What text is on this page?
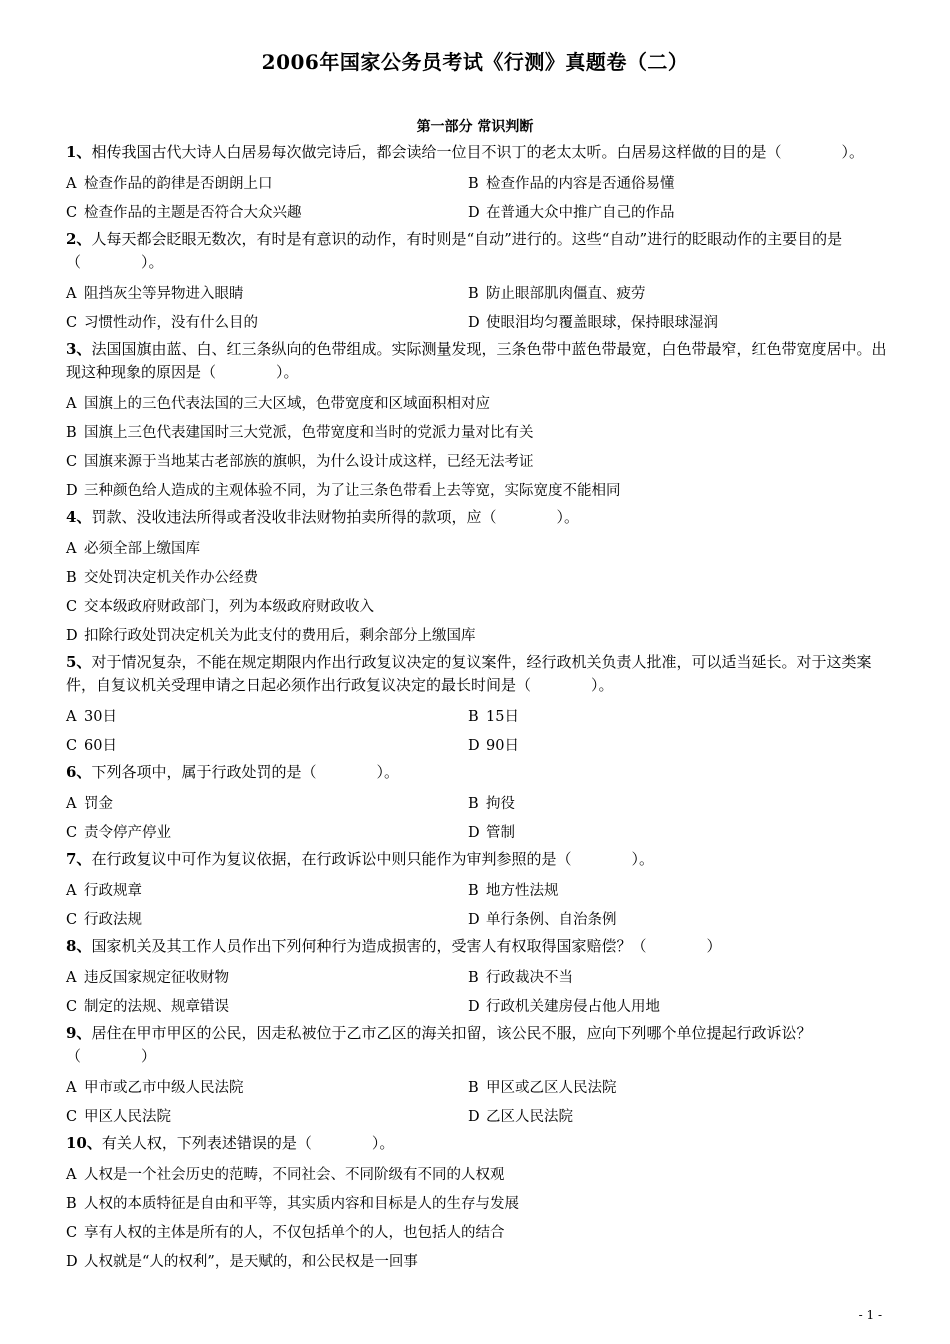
2006年国家公务员考试《行测》真题卷（二）
第一部分 常识判断
1、相传我国古代大诗人白居易每次做完诗后，都会读给一位目不识丁的老太太听。白居易这样做的目的是（　　　　）。
A 检查作品的韵律是否朗朗上口	B 检查作品的内容是否通俗易懂
C 检查作品的主题是否符合大众兴趣	D 在普通大众中推广自己的作品
2、人每天都会眨眼无数次，有时是有意识的动作，有时则是“自动”进行的。这些“自动”进行的眨眼动作的主要目的是（　　　　）。
A 阻挡灰尘等异物进入眼睛	B 防止眼部肌肉僵直、疲劳
C 习惯性动作，没有什么目的	D 使眼泪均匀覆盖眼球，保持眼球湿润
3、法国国旗由蓝、白、红三条纵向的色带组成。实际测量发现，三条色带中蓝色带最宽，白色带最窄，红色带宽度居中。出现这种现象的原因是（　　　　）。
A 国旗上的三色代表法国的三大区域，色带宽度和区域面积相对应
B 国旗上三色代表建国时三大党派，色带宽度和当时的党派力量对比有关
C 国旗来源于当地某古老部族的旗帜，为什么设计成这样，已经无法考证
D 三种颜色给人造成的主观体验不同，为了让三条色带看上去等宽，实际宽度不能相同
4、罚款、没收违法所得或者没收非法财物拍卖所得的款项，应（　　　　）。
A 必须全部上缴国库
B 交处罚决定机关作办公经费
C 交本级政府财政部门，列为本级政府财政收入
D 扣除行政处罚决定机关为此支付的费用后，剩余部分上缴国库
5、对于情况复杂，不能在规定期限内作出行政复议决定的复议案件，经行政机关负责人批准，可以适当延长。对于这类案件，自复议机关受理申请之日起必须作出行政复议决定的最长时间是（　　　　）。
A 30日	B 15日
C 60日	D 90日
6、下列各项中，属于行政处罚的是（　　　　）。
A 罚金	B 拘役
C 责令停产停业	D 管制
7、在行政复议中可作为复议依据，在行政诉讼中则只能作为审判参照的是（　　　　）。
A 行政规章	B 地方性法规
C 行政法规	D 单行条例、自治条例
8、国家机关及其工作人员作出下列何种行为造成损害的，受害人有权取得国家赔偿？（　　　　）
A 违反国家规定征收财物	B 行政裁决不当
C 制定的法规、规章错误	D 行政机关建房侵占他人用地
9、居住在甲市甲区的公民，因走私被位于乙市乙区的海关扣留，该公民不服，应向下列哪个单位提起行政诉讼？（　　　　）
A 甲市或乙市中级人民法院	B 甲区或乙区人民法院
C 甲区人民法院	D 乙区人民法院
10、有关人权，下列表述错误的是（　　　　）。
A 人权是一个社会历史的范畴，不同社会、不同阶级有不同的人权观
B 人权的本质特征是自由和平等，其实质内容和目标是人的生存与发展
C 享有人权的主体是所有的人，不仅包括单个的人，也包括人的结合
D 人权就是“人的权利”，是天赋的，和公民权是一回事
- 1 -
